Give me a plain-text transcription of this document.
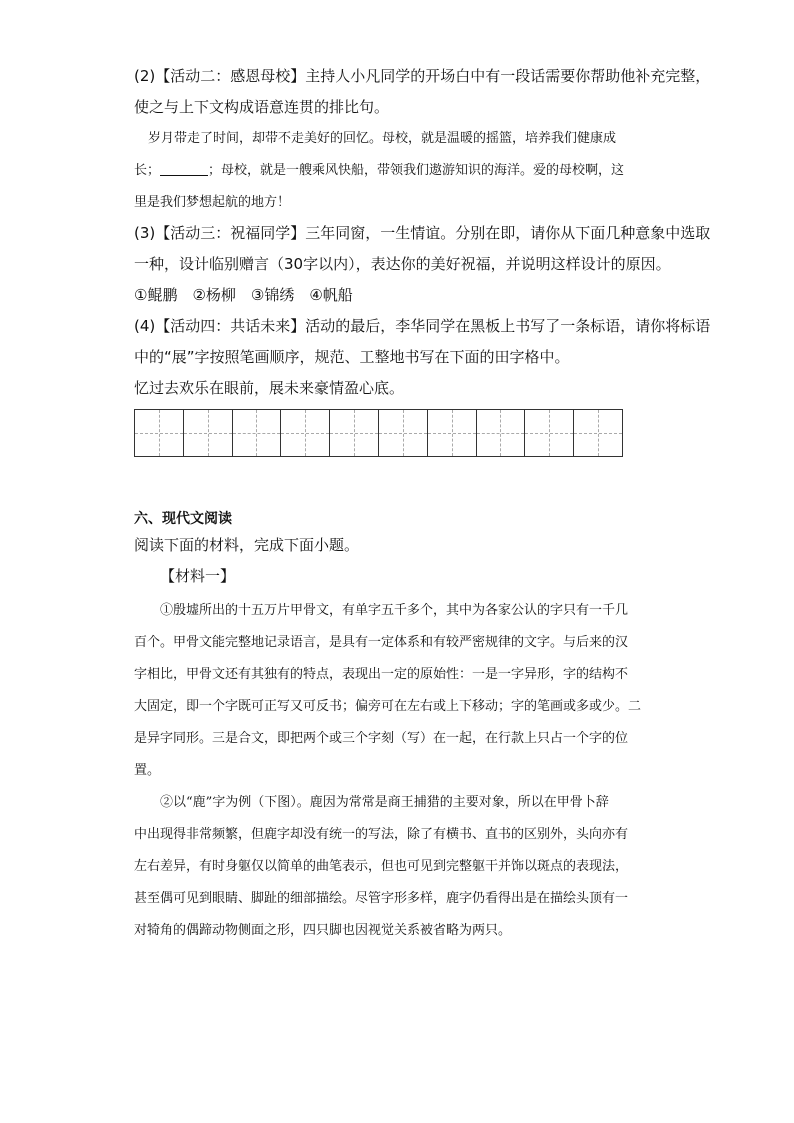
(2)【活动二：感恩母校】主持人小凡同学的开场白中有一段话需要你帮助他补充完整，
使之与上下文构成语意连贯的排比句。
岁月带走了时间，却带不走美好的回忆。母校，就是温暖的摇篮，培养我们健康成
长；	；母校，就是一艘乘风快船，带领我们遨游知识的海洋。爱的母校啊，这
里是我们梦想起航的地方！
(3)【活动三：祝福同学】三年同窗，一生情谊。分别在即，请你从下面几种意象中选取
一种，设计临别赠言（30字以内），表达你的美好祝福，并说明这样设计的原因。
①鲲鹏　②杨柳　③锦绣　④帆船
(4)【活动四：共话未来】活动的最后，李华同学在黑板上书写了一条标语，请你将标语
中的“展”字按照笔画顺序，规范、工整地书写在下面的田字格中。
忆过去欢乐在眼前，展未来豪情盈心底。
六、现代文阅读
阅读下面的材料，完成下面小题。
【材料一】
①殷墟所出的十五万片甲骨文，有单字五千多个，其中为各家公认的字只有一千几
百个。甲骨文能完整地记录语言，是具有一定体系和有较严密规律的文字。与后来的汉
字相比，甲骨文还有其独有的特点，表现出一定的原始性：一是一字异形，字的结构不
大固定，即一个字既可正写又可反书；偏旁可在左右或上下移动；字的笔画或多或少。二
是异字同形。三是合文，即把两个或三个字刻（写）在一起，在行款上只占一个字的位
置。
②以“鹿”字为例（下图）。鹿因为常常是商王捕猎的主要对象，所以在甲骨卜辞
中出现得非常频繁，但鹿字却没有统一的写法，除了有横书、直书的区别外，头向亦有
左右差异，有时身躯仅以简单的曲笔表示，但也可见到完整躯干并饰以斑点的表现法，
甚至偶可见到眼睛、脚趾的细部描绘。尽管字形多样，鹿字仍看得出是在描绘头顶有一
对犄角的偶蹄动物侧面之形，四只脚也因视觉关系被省略为两只。
